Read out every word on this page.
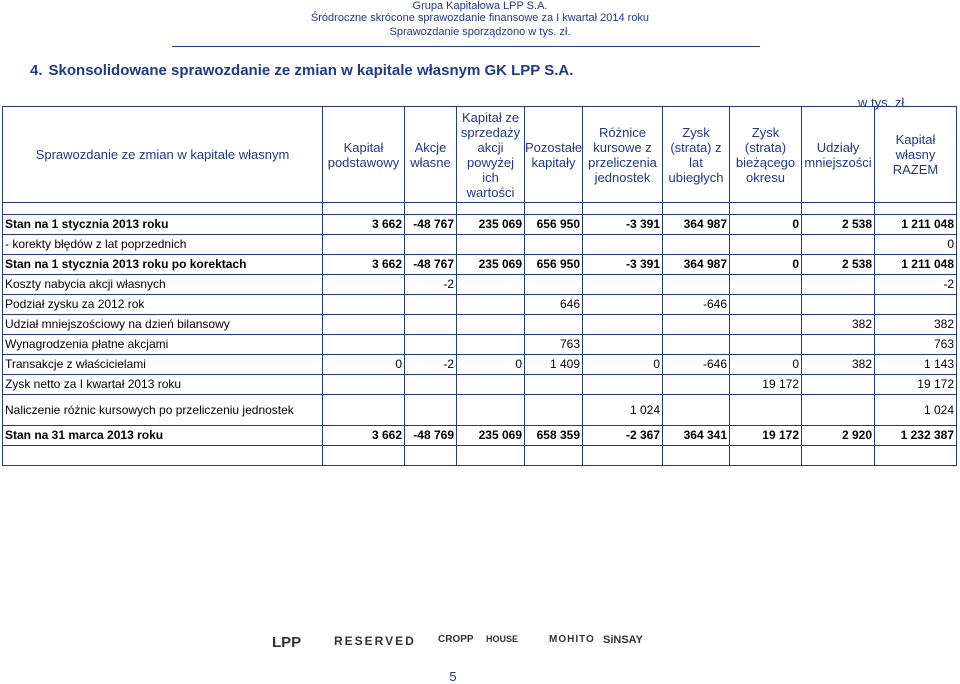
Grupa Kapitałowa LPP S.A.
Śródroczne skrócone sprawozdanie finansowe za I kwartał 2014 roku
Sprawozdanie sporządzono w tys. zł.
4. Skonsolidowane sprawozdanie ze zmian w kapitale własnym GK LPP S.A.
w tys. zł.
Sprawozdanie ze zmian w kapitale własnym	Kapitał podstawowy	Akcje własne	Kapitał ze sprzedaży akcji powyżej ich wartości	Pozostałe kapitały	Różnice kursowe z przeliczenia jednostek	Zysk (strata) z lat ubiegłych	Zysk (strata) bieżącego okresu	Udziały mniejszości	Kapitał własny RAZEM

Stan na 1 stycznia 2013 roku	3 662	-48 767	235 069	656 950	-3 391	364 987	0	2 538	1 211 048
- korekty błędów z lat poprzednich									0
Stan na 1 stycznia 2013 roku po korektach	3 662	-48 767	235 069	656 950	-3 391	364 987	0	2 538	1 211 048
Koszty nabycia akcji własnych		-2							-2
Podział zysku za 2012 rok				646		-646			
Udział mniejszościowy na dzień bilansowy								382	382
Wynagrodzenia płatne akcjami				763					763
Transakcje z właścicielami	0	-2	0	1 409	0	-646	0	382	1 143
Zysk netto za I kwartał 2013 roku							19 172		19 172
Naliczenie różnic kursowych po przeliczeniu jednostek					1 024				1 024
Stan na 31 marca 2013 roku	3 662	-48 769	235 069	658 359	-2 367	364 341	19 172	2 920	1 232 387

LPP	RESERVED CROPP HOUSE	MOHITO SiNSAY
5
